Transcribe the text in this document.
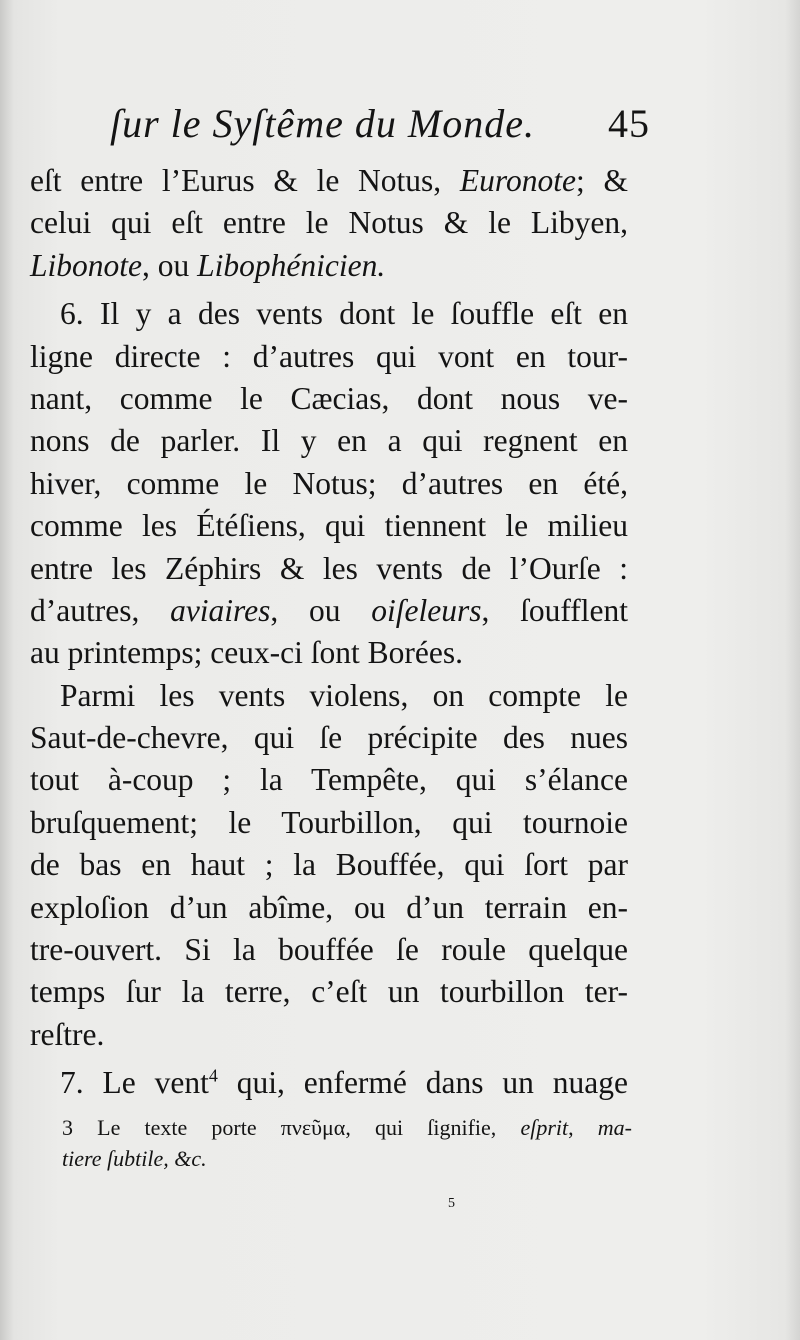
ſur le Syſtême du Monde. 45
eſt entre l’Eurus & le Notus, Euronote; &
celui qui eſt entre le Notus & le Libyen,
Libonote, ou Libophénicien.
6. Il y a des vents dont le ſouffle eſt en
ligne directe : d’autres qui vont en tour-
nant, comme le Cæcias, dont nous ve-
nons de parler. Il y en a qui regnent en
hiver, comme le Notus; d’autres en été,
comme les Étéſiens, qui tiennent le milieu
entre les Zéphirs & les vents de l’Ourſe :
d’autres, aviaires, ou oiſeleurs, ſoufflent
au printemps; ceux-ci ſont Borées.
Parmi les vents violens, on compte le
Saut-de-chevre, qui ſe précipite des nues
tout à-coup ; la Tempête, qui s’élance
bruſquement; le Tourbillon, qui tournoie
de bas en haut ; la Bouffée, qui ſort par
exploſion d’un abîme, ou d’un terrain en-
tre-ouvert. Si la bouffée ſe roule quelque
temps ſur la terre, c’eſt un tourbillon ter-
reſtre.
7. Le vent$^4$ qui, enfermé dans un nuage
3 Le texte porte πνεῦμα, qui ſignifie, eſprit, ma-
tiere ſubtile, &c.
5
